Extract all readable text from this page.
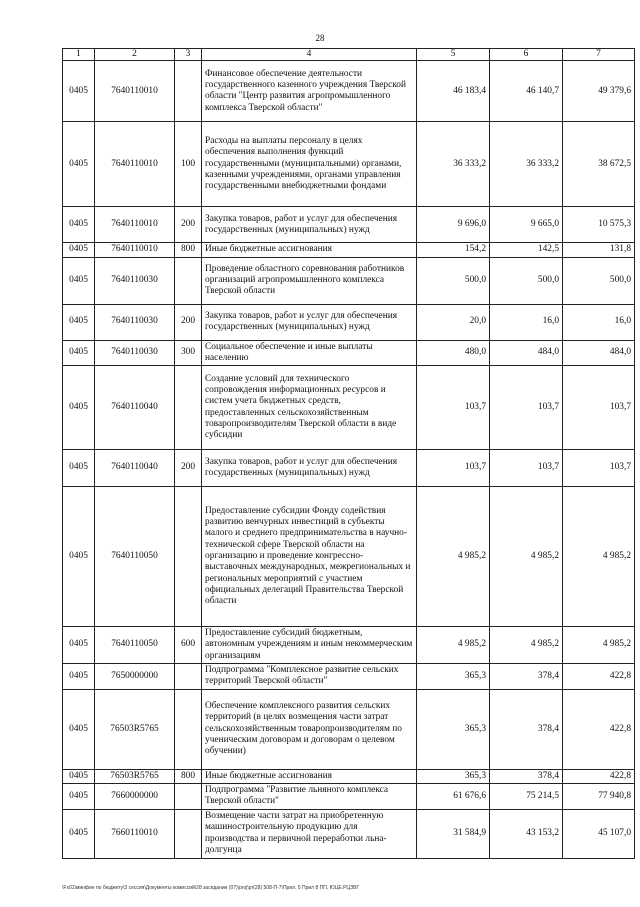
28
1	2	3	4	5	6	7
0405	7640110010		Финансовое обеспечение деятельности государственного казенного учреждения Тверской области "Центр развития агропромышленного комплекса Тверской области"	46 183,4	46 140,7	49 379,6
0405	7640110010	100	Расходы на выплаты персоналу в целях обеспечения выполнения функций государственными (муниципальными) органами, казенными учреждениями, органами управления государственными внебюджетными фондами	36 333,2	36 333,2	38 672,5
0405	7640110010	200	Закупка товаров, работ и услуг для обеспечения государственных (муниципальных) нужд	9 696,0	9 665,0	10 575,3
0405	7640110010	800	Иные бюджетные ассигнования	154,2	142,5	131,8
0405	7640110030		Проведение областного соревнования работников организаций агропромышленного комплекса Тверской области	500,0	500,0	500,0
0405	7640110030	200	Закупка товаров, работ и услуг для обеспечения государственных (муниципальных) нужд	20,0	16,0	16,0
0405	7640110030	300	Социальное обеспечение и иные выплаты населению	480,0	484,0	484,0
0405	7640110040		Создание условий для технического сопровождения информационных ресурсов и систем учета бюджетных средств, предоставленных сельскохозяйственным товаропроизводителям Тверской области в виде субсидии	103,7	103,7	103,7
0405	7640110040	200	Закупка товаров, работ и услуг для обеспечения государственных (муниципальных) нужд	103,7	103,7	103,7
0405	7640110050		Предоставление субсидии Фонду содействия развитию венчурных инвестиций в субъекты малого и среднего предпринимательства в научно-технической сфере Тверской области на организацию и проведение конгрессно-выставочных международных, межрегиональных и региональных мероприятий с участием официальных делегаций Правительства Тверской области	4 985,2	4 985,2	4 985,2
0405	7640110050	600	Предоставление субсидий бюджетным, автономным учреждениям и иным некоммерческим организациям	4 985,2	4 985,2	4 985,2
0405	7650000000		Подпрограмма "Комплексное развитие сельских территорий Тверской области"	365,3	378,4	422,8
0405	76503R5765		Обеспечение комплексного развития сельских территорий (в целях возмещения части затрат сельскохозяйственным товаропроизводителям по ученическим договорам и договорам о целевом обучении)	365,3	378,4	422,8
0405	76503R5765	800	Иные бюджетные ассигнования	365,3	378,4	422,8
0405	7660000000		Подпрограмма "Развитие льняного комплекса Тверской области"	61 676,6	75 214,5	77 940,8
0405	7660110010		Возмещение части затрат на приобретенную машиностроительную продукцию для производства и первичной переработки льна-долгунца	31 584,9	43 153,2	45 107,0
\Fs01\минфин по бюджету\3 сессия\Документы комиссий\28 заседание (07)\proj\pr(28) 508-П-7\Прил. 5 Прил 8 ПП, ЮЦЕ.РЦЗВГ
